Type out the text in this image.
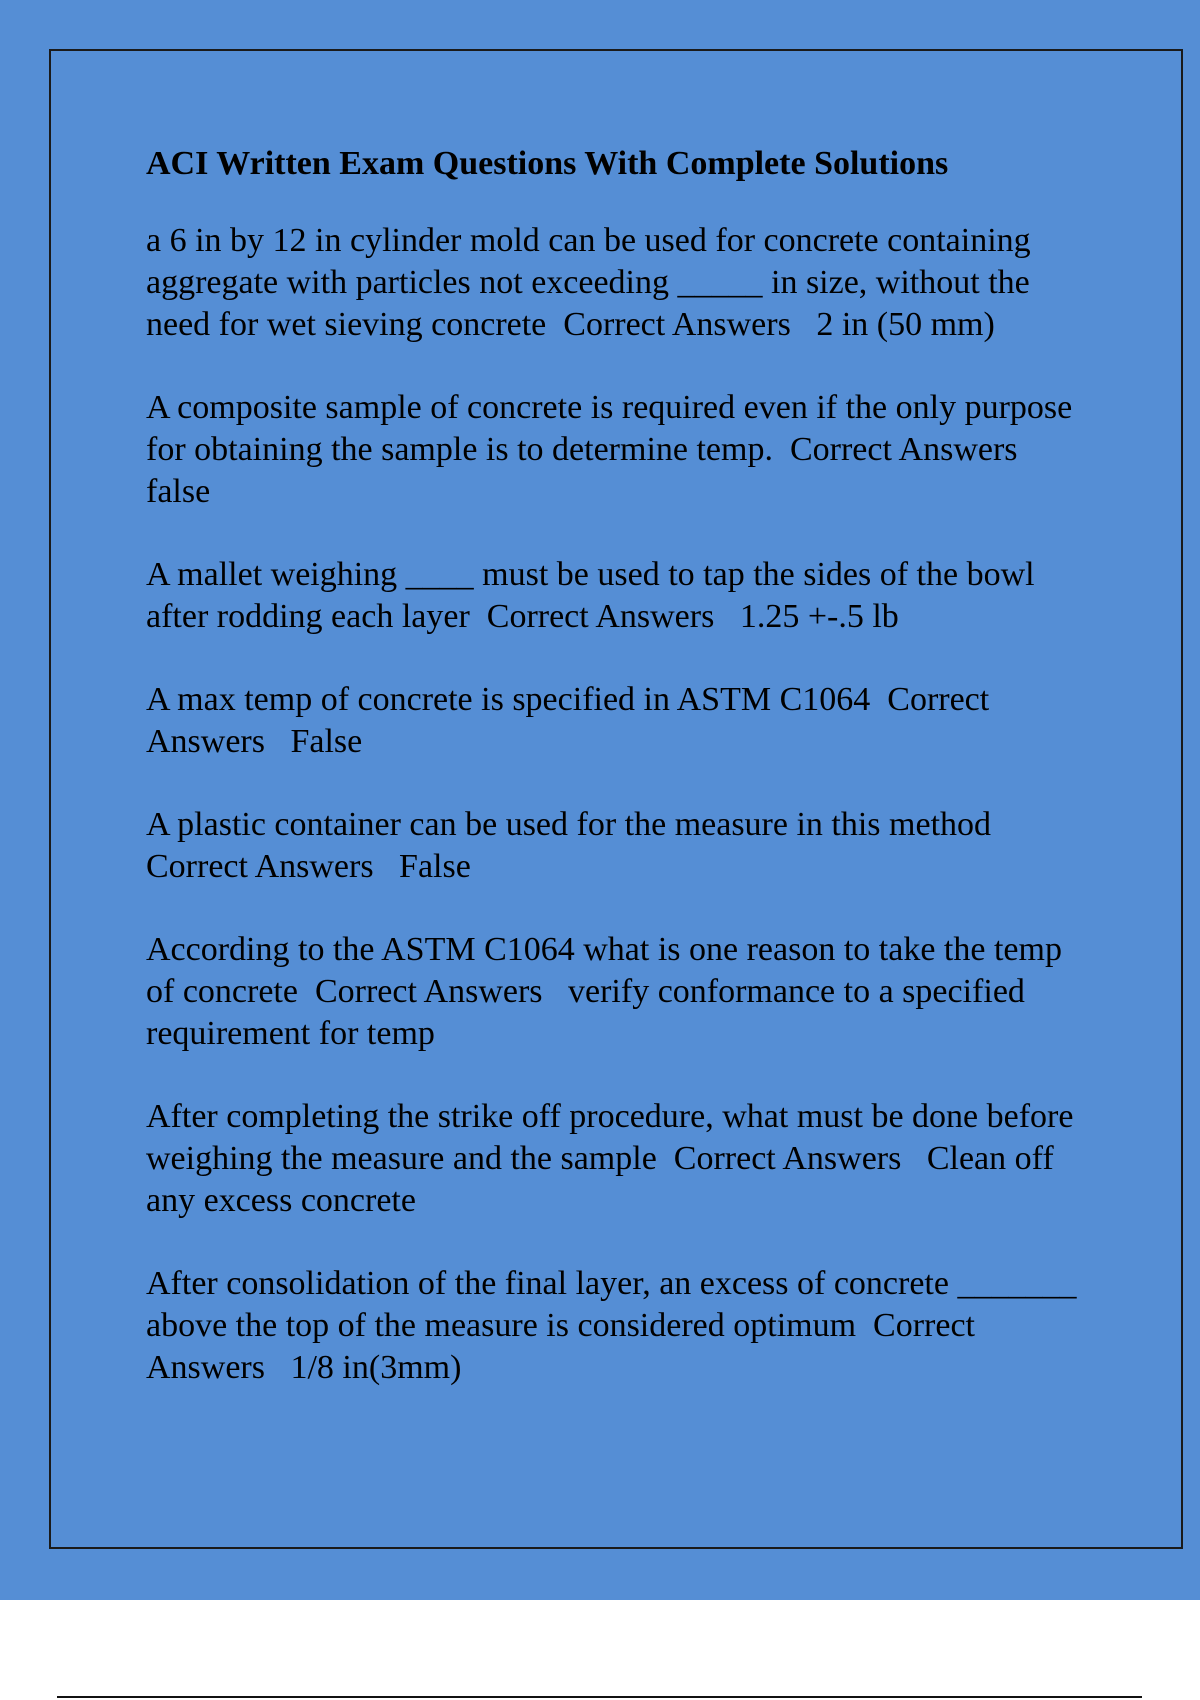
ACI Written Exam Questions With Complete Solutions
a 6 in by 12 in cylinder mold can be used for concrete containing aggregate with particles not exceeding _____ in size, without the need for wet sieving concrete  Correct Answers   2 in (50 mm)
A composite sample of concrete is required even if the only purpose for obtaining the sample is to determine temp.  Correct Answers   false
A mallet weighing ____ must be used to tap the sides of the bowl after rodding each layer  Correct Answers   1.25 +-.5 lb
A max temp of concrete is specified in ASTM C1064  Correct Answers   False
A plastic container can be used for the measure in this method  Correct Answers   False
According to the ASTM C1064 what is one reason to take the temp of concrete  Correct Answers   verify conformance to a specified requirement for temp
After completing the strike off procedure, what must be done before weighing the measure and the sample  Correct Answers   Clean off any excess concrete
After consolidation of the final layer, an excess of concrete _______ above the top of the measure is considered optimum  Correct Answers   1/8 in(3mm)
